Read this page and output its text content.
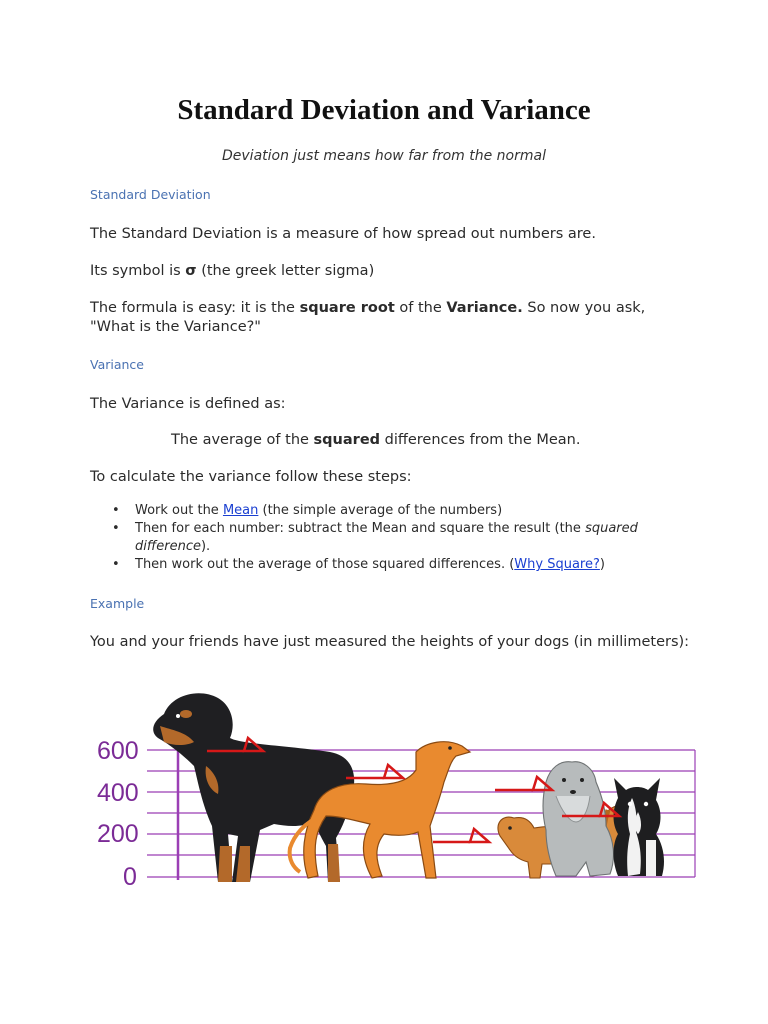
Standard Deviation and Variance
Deviation just means how far from the normal
Standard Deviation
The Standard Deviation is a measure of how spread out numbers are.
Its symbol is σ (the greek letter sigma)
The formula is easy: it is the square root of the Variance. So now you ask, "What is the Variance?"
Variance
The Variance is defined as:
The average of the squared differences from the Mean.
To calculate the variance follow these steps:
• Work out the Mean (the simple average of the numbers)
• Then for each number: subtract the Mean and square the result (the squared difference).
• Then work out the average of those squared differences. (Why Square?)
Example
You and your friends have just measured the heights of your dogs (in millimeters):
600
400
200
0
